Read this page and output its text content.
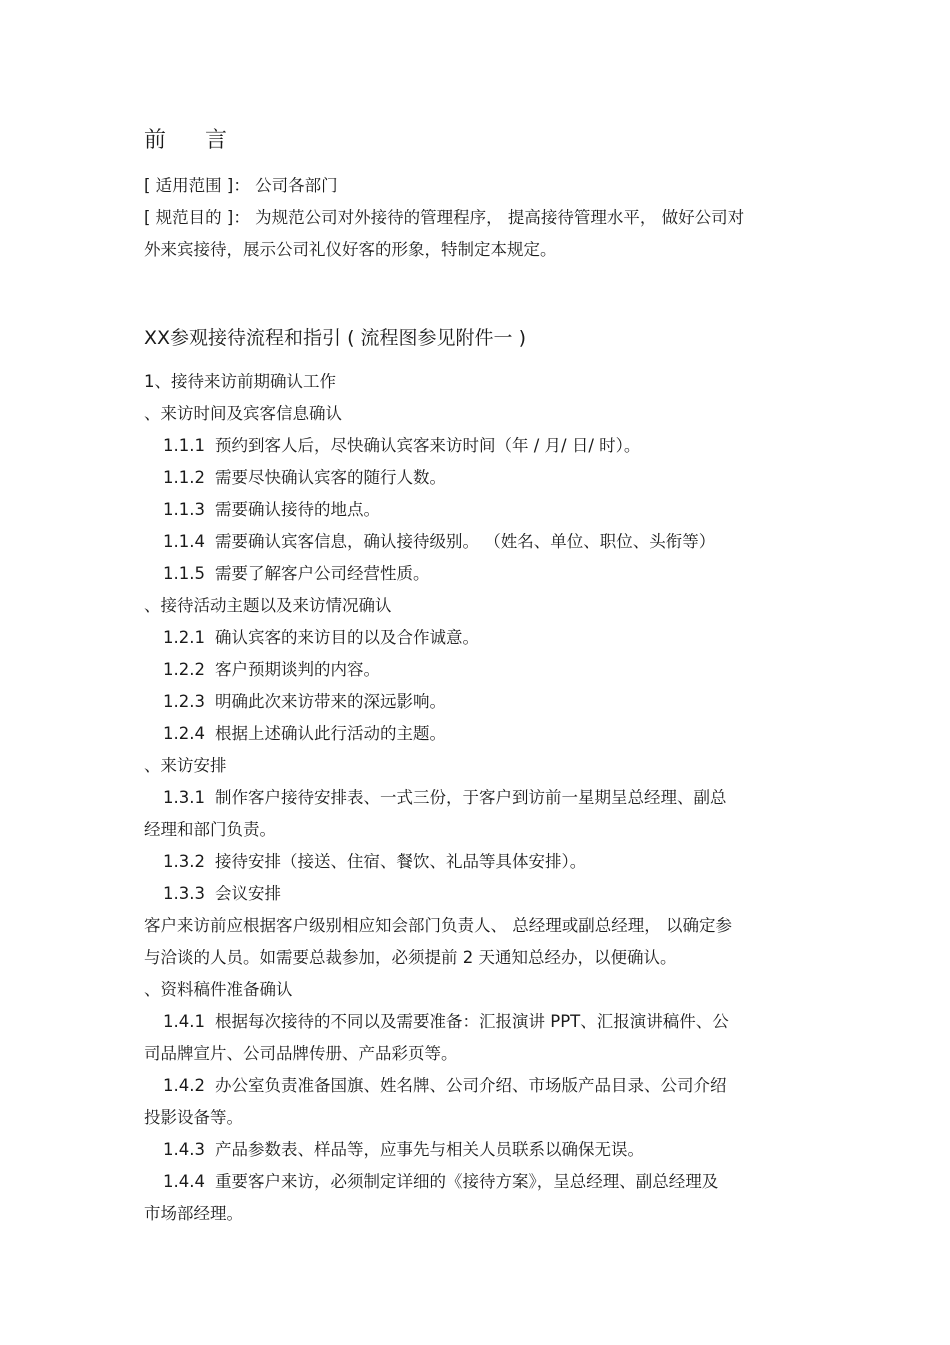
前 言
[ 适用范围 ]： 公司各部门
[ 规范目的 ]： 为规范公司对外接待的管理程序， 提高接待管理水平， 做好公司对
外来宾接待，展示公司礼仪好客的形象，特制定本规定。
XX参观接待流程和指引 ( 流程图参见附件一 )
1、接待来访前期确认工作
、来访时间及宾客信息确认
1.1.1 预约到客人后，尽快确认宾客来访时间（年 / 月/ 日/ 时）。
1.1.2 需要尽快确认宾客的随行人数。
1.1.3 需要确认接待的地点。
1.1.4 需要确认宾客信息，确认接待级别。 （姓名、单位、职位、头衔等）
1.1.5 需要了解客户公司经营性质。
、接待活动主题以及来访情况确认
1.2.1 确认宾客的来访目的以及合作诚意。
1.2.2 客户预期谈判的内容。
1.2.3 明确此次来访带来的深远影响。
1.2.4 根据上述确认此行活动的主题。
、来访安排
1.3.1 制作客户接待安排表、一式三份，于客户到访前一星期呈总经理、副总
经理和部门负责。
1.3.2 接待安排（接送、住宿、餐饮、礼品等具体安排）。
1.3.3 会议安排
客户来访前应根据客户级别相应知会部门负责人、 总经理或副总经理， 以确定参
与洽谈的人员。如需要总裁参加，必须提前 2 天通知总经办，以便确认。
、资料稿件准备确认
1.4.1 根据每次接待的不同以及需要准备：汇报演讲 PPT、汇报演讲稿件、公
司品牌宣片、公司品牌传册、产品彩页等。
1.4.2 办公室负责准备国旗、姓名牌、公司介绍、市场版产品目录、公司介绍
投影设备等。
1.4.3 产品参数表、样品等，应事先与相关人员联系以确保无误。
1.4.4 重要客户来访，必须制定详细的《接待方案》，呈总经理、副总经理及
市场部经理。
